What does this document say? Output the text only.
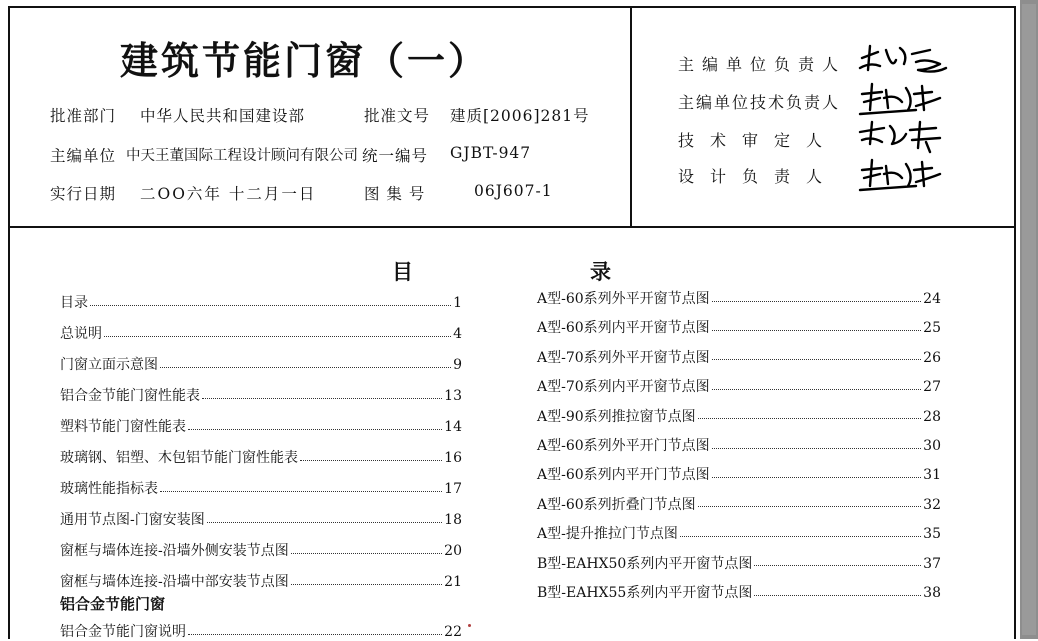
建筑节能门窗（一）
批准部门 中华人民共和国建设部	批准文号 建质[2006]281号
主编单位 中天王董国际工程设计顾问有限公司 统一编号 GJBT-947
实行日期 二OO六年 十二月一日	图 集 号	06J607-1
主编单位负责人
主编单位技术负责人
技术审定人
设计负责人
目	录
目录	1
总说明	4
门窗立面示意图	9
铝合金节能门窗性能表	13
塑料节能门窗性能表	14
玻璃钢、铝塑、木包铝节能门窗性能表	16
玻璃性能指标表	17
通用节点图-门窗安装图	18
窗框与墙体连接-沿墙外侧安装节点图	20
窗框与墙体连接-沿墙中部安装节点图	21
铝合金节能门窗说明	22
A型-60系列外平开窗节点图	24
A型-60系列内平开窗节点图	25
A型-70系列外平开窗节点图	26
A型-70系列内平开窗节点图	27
A型-90系列推拉窗节点图	28
A型-60系列外平开门节点图	30
A型-60系列内平开门节点图	31
A型-60系列折叠门节点图	32
A型-提升推拉门节点图	35
B型-EAHX50系列内平开窗节点图	37
B型-EAHX55系列内平开窗节点图	38
铝合金节能门窗
